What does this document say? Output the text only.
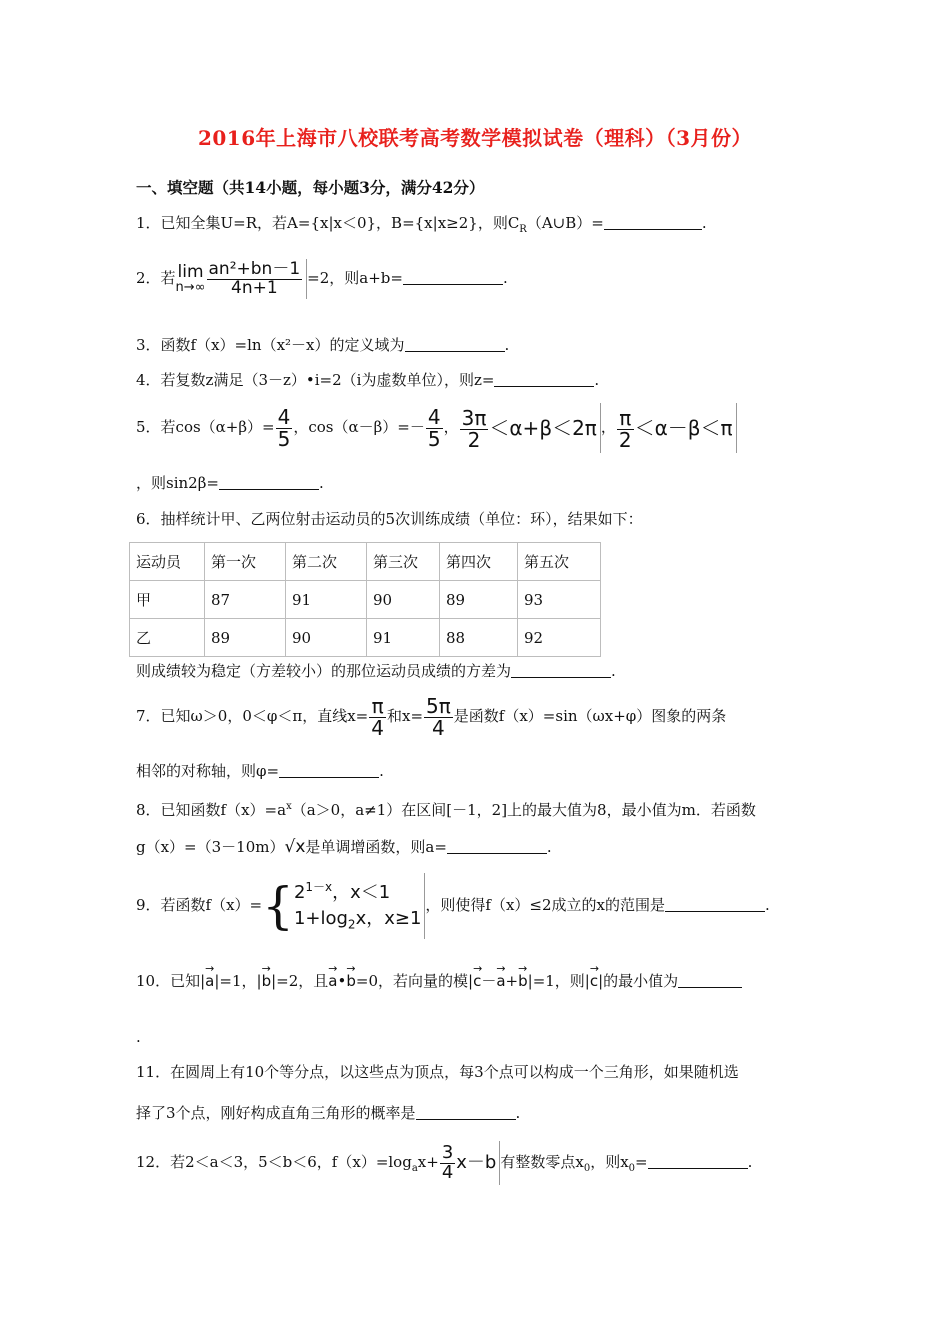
2016年上海市八校联考高考数学模拟试卷（理科）（3月份）
一、填空题（共14小题，每小题3分，满分42分）
1．已知全集U=R，若A={x|x＜0}，B={x|x≥2}，则$C_R(A\cup B)=$	.
2．若 lim
$n\to\infty \frac{\text{an²+bn－1}}{4n+1} =2$，则a+b=	.
3．函数f（x）=ln（x²－x）的定义域为	.
4．若复数z满足（3－z）•i=2（i为虚数单位），则z=	.
5．若$\cos(\alpha+\beta)= \frac{4}{5}$ ，$\cos(\alpha-\beta)=- \frac{4}{5}$ ， $\frac{3\pi}{2} <\alpha+\beta<2\pi$ ， $\frac{\pi}{2} <\alpha-\beta<\pi$
，则sin2β=	.
6．抽样统计甲、乙两位射击运动员的5次训练成绩（单位：环），结果如下：
运动员	第一次	第二次	第三次	第四次	第五次
甲	87	91	90	89	93
乙	89	90	91	88	92
则成绩较为稳定（方差较小）的那位运动员成绩的方差为	.
7．已知ω＞0，0＜φ＜π，直线$x= \frac{\pi}{4}$ 和$x= \frac{5\pi}{4}$ 是函数f（x）=sin（ωx+φ）图象的两条
相邻的对称轴，则φ=	.
8．已知函数$f(x)=a^x(a>0$，a≠1）在区间[－1，2]上的最大值为8，最小值为m．若函数
g（x）=（3－10m）√x是单调增函数，则a=	.
9．若函数f（x）={ $2^{1-x}$，x＜1
$1+\log_2x$，x≥1
，则使得f（x）≤2成立的x的范围是	.
10．已知|→ a|=1，|→ b|=2，且→ a•→ b=0，若向量的模|→ c－→ a+→ b|=1，则|→ c|的最小值为
.
11．在圆周上有10个等分点，以这些点为顶点，每3个点可以构成一个三角形，如果随机选
择了3个点，刚好构成直角三角形的概率是	.
12．若2＜a＜3，5＜b＜6，$f(x)=\log_ax+ \frac{3}{4} x-b$ 有整数零点$x_0$，则$x_0=$	.
